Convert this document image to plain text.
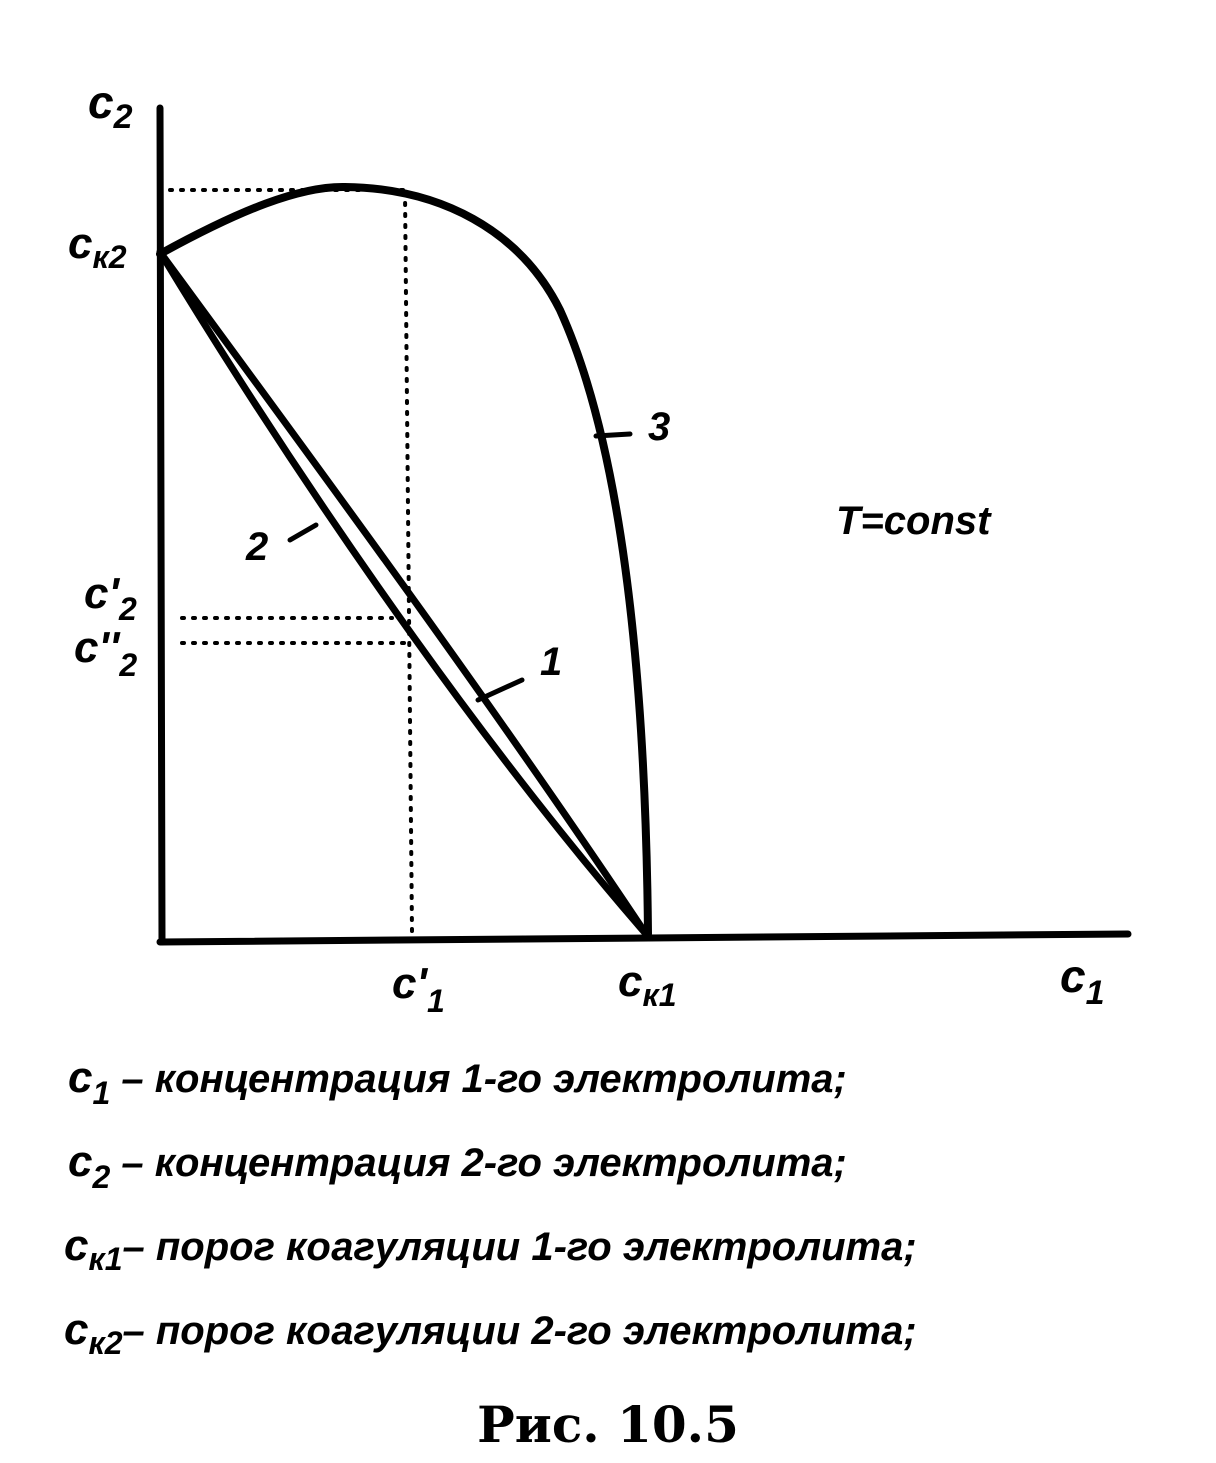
$c_2$
$c_1$
$c_{к2}$
$c'_2$
$c''_2$
$c'_1$	$c_{к1}$
1
2
3
T=const
$c_1$ – концентрация 1-го электролита;
$c_2$ – концентрация 2-го электролита;
$c_{к1}-$ порог коагуляции 1-го электролита;
$c_{к2}-$ порог коагуляции 2-го электролита;
Рис. 10.5
